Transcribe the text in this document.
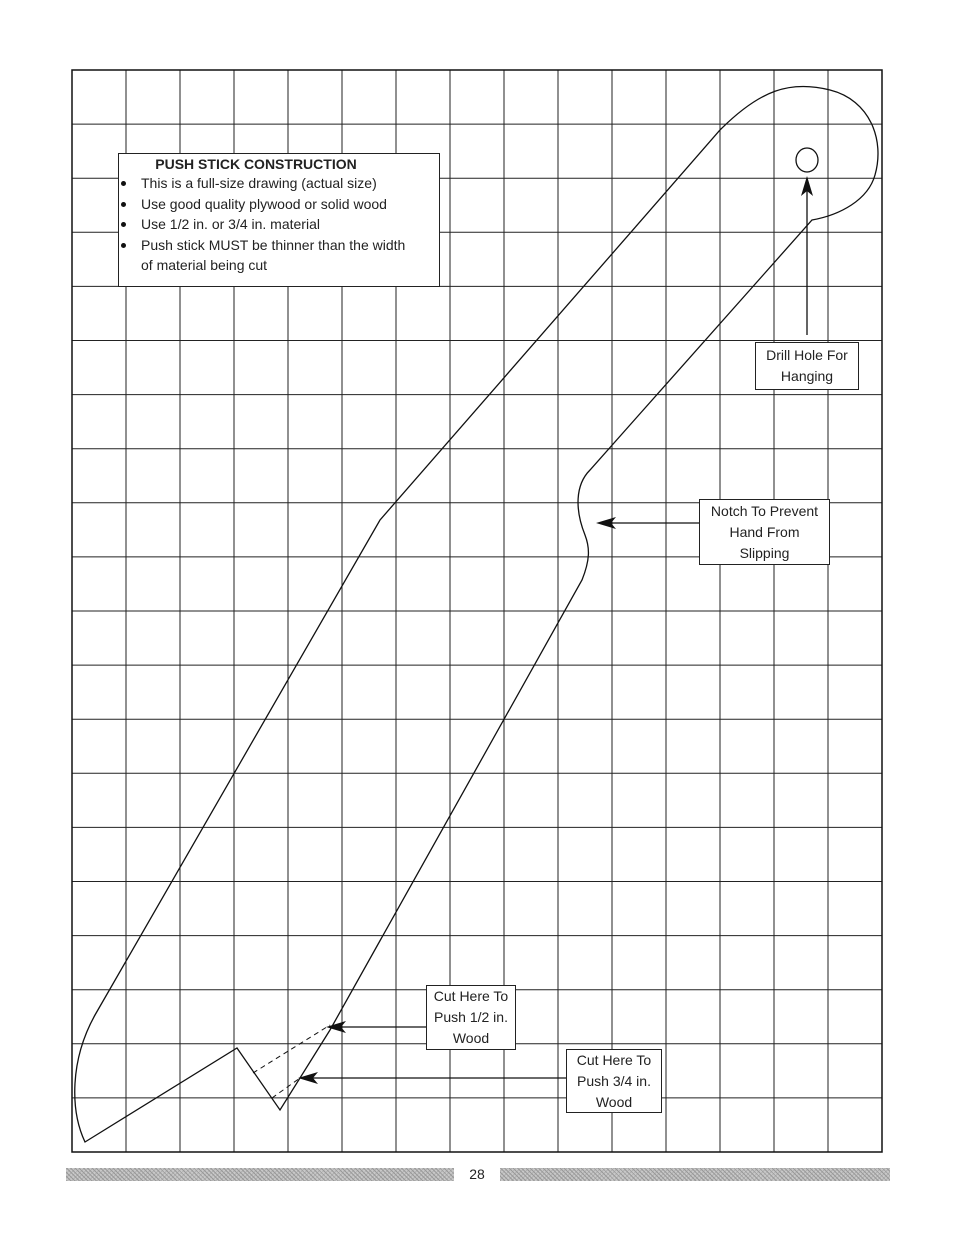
PUSH STICK CONSTRUCTION
This is a full-size drawing (actual size)
Use good quality plywood or solid wood
Use 1/2 in. or 3/4 in. material
Push stick MUST be thinner than the width
of material being cut
Drill Hole For
Hanging
Notch To Prevent
Hand From
Slipping
Cut Here To
Push 1/2 in.
Wood
Cut Here To
Push 3/4 in.
Wood
28
